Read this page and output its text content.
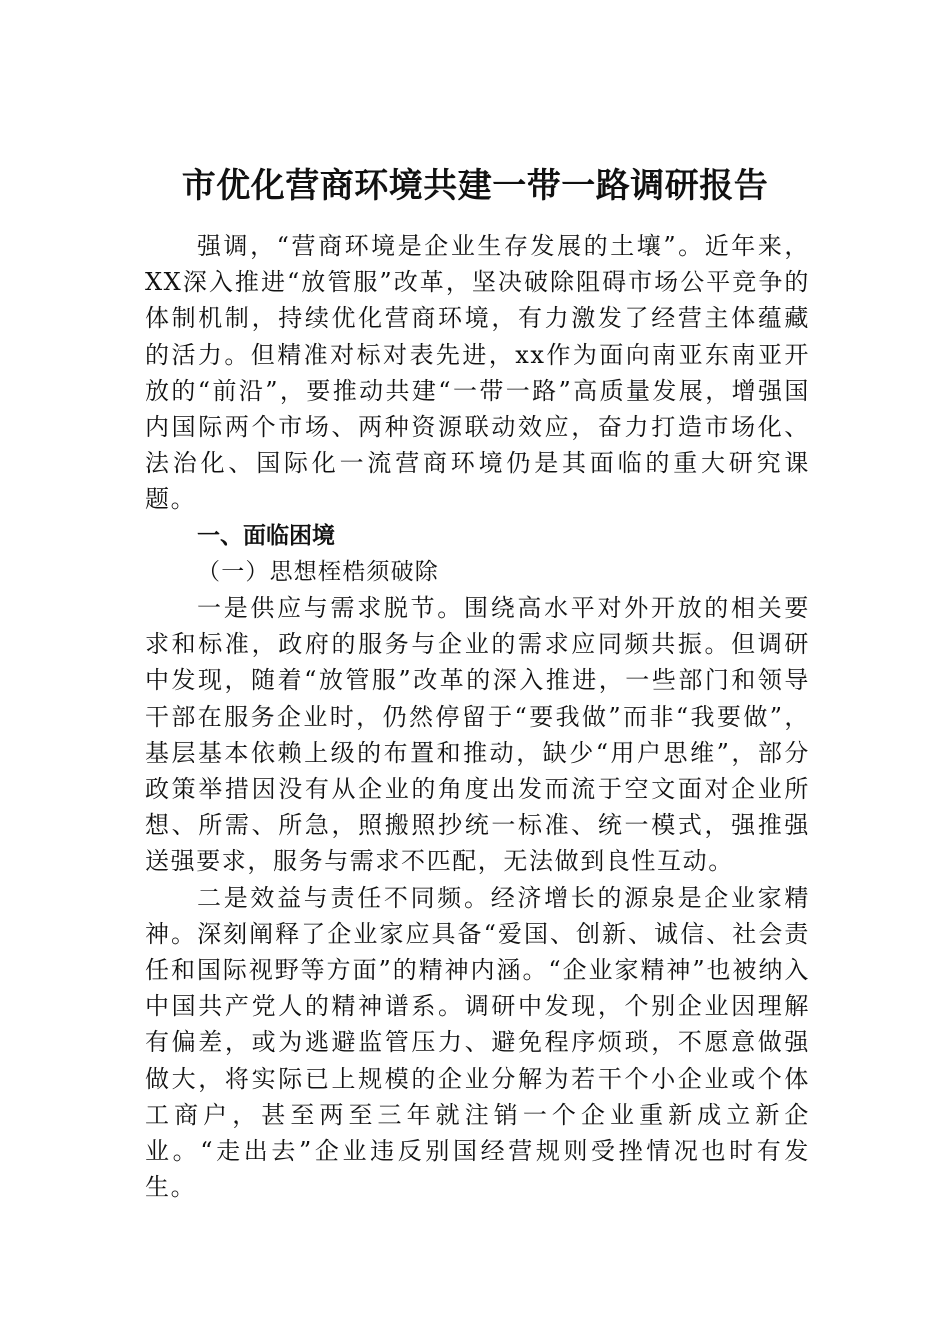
市优化营商环境共建一带一路调研报告

强调，“营商环境是企业生存发展的土壤”。近年来，XX深入推进“放管服”改革，坚决破除阻碍市场公平竞争的体制机制，持续优化营商环境，有力激发了经营主体蕴藏的活力。但精准对标对表先进，xx作为面向南亚东南亚开放的“前沿”，要推动共建“一带一路”高质量发展，增强国内国际两个市场、两种资源联动效应，奋力打造市场化、法治化、国际化一流营商环境仍是其面临的重大研究课题。

一、面临困境

（一）思想桎梏须破除

一是供应与需求脱节。围绕高水平对外开放的相关要求和标准，政府的服务与企业的需求应同频共振。但调研中发现，随着“放管服”改革的深入推进，一些部门和领导干部在服务企业时，仍然停留于“要我做”而非“我要做”，基层基本依赖上级的布置和推动，缺少“用户思维”，部分政策举措因没有从企业的角度出发而流于空文面对企业所想、所需、所急，照搬照抄统一标准、统一模式，强推强送强要求，服务与需求不匹配，无法做到良性互动。

二是效益与责任不同频。经济增长的源泉是企业家精神。深刻阐释了企业家应具备“爱国、创新、诚信、社会责任和国际视野等方面”的精神内涵。“企业家精神”也被纳入中国共产党人的精神谱系。调研中发现，个别企业因理解有偏差，或为逃避监管压力、避免程序烦琐，不愿意做强做大，将实际已上规模的企业分解为若干个小企业或个体工商户，甚至两至三年就注销一个企业重新成立新企业。“走出去”企业违反别国经营规则受挫情况也时有发生。
